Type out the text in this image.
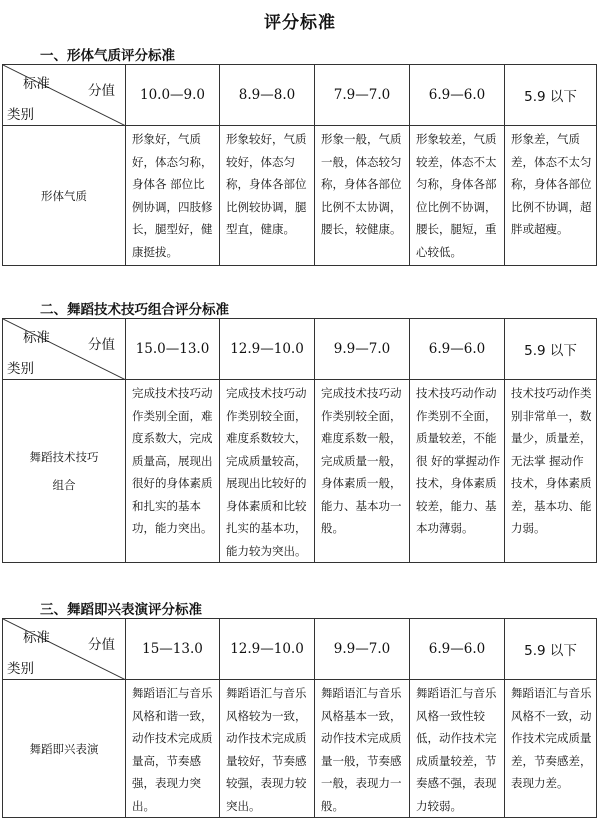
评分标准
一、形体气质评分标准
标准 分值
类别	10.0—9.0	8.9—8.0	7.9—7.0	6.9—6.0	5.9 以下
形体气质	形象好，气质好，体态匀称，身体各 部位比例协调，四肢修长，腿型好，健康挺拔。	形象较好，气质较好，体态匀称，身体各部位比例较协调，腿型直，健康。	形象一般，气质一般，体态较匀称，身体各部位比例不太协调，腰长，较健康。	形象较差，气质较差，体态不太匀称，身体各部位比例不协调，腰长，腿短，重心较低。	形象差，气质差，体态不太匀称，身体各部位比例不协调，超胖或超瘦。
二、舞蹈技术技巧组合评分标准
标准 分值
类别	15.0—13.0	12.9—10.0	9.9—7.0	6.9—6.0	5.9 以下

舞蹈技术技巧
组合	完成技术技巧动作类别全面，难度系数大，完成质量高，展现出很好的身体素质和扎实的基本功，能力突出。	完成技术技巧动作类别较全面，难度系数较大，完成质量较高，展现出比较好的身体素质和比较扎实的基本功，能力较为突出。	完成技术技巧动作类别较全面，难度系数一般，完成质量一般，身体素质一般，能力、基本功一般。	技术技巧动作动作类别不全面，质量较差，不能很 好的掌握动作技术，身体素质较差，能力、基本功薄弱。	技术技巧动作类别非常单一，数量少，质量差，无法掌 握动作技术，身体素质差，基本功、能力弱。
三、舞蹈即兴表演评分标准
标准 分值
类别	15—13.0	12.9—10.0	9.9—7.0	6.9—6.0	5.9 以下
舞蹈即兴表演	舞蹈语汇与音乐风格和谐一致，动作技术完成质量高，节奏感强，表现力突出。	舞蹈语汇与音乐风格较为一致，动作技术完成质量较好，节奏感较强，表现力较突出。	舞蹈语汇与音乐风格基本一致，动作技术完成质量一般，节奏感一般，表现力一般。	舞蹈语汇与音乐风格一致性较低，动作技术完成质量较差，节奏感不强，表现力较弱。	舞蹈语汇与音乐风格不一致，动作技术完成质量差，节奏感差，表现力差。
